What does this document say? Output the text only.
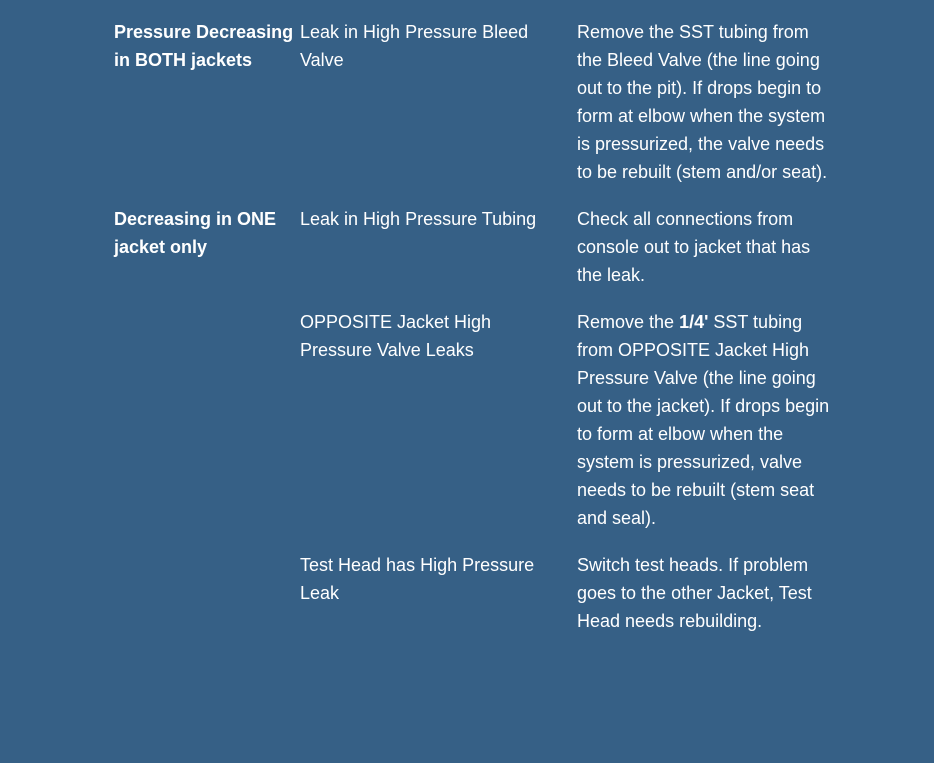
Pressure Decreasing in BOTH jackets	Leak in High Pressure Bleed Valve	Remove the SST tubing from the Bleed Valve (the line going out to the pit). If drops begin to form at elbow when the system is pressurized, the valve needs to be rebuilt (stem and/or seat).
Decreasing in ONE jacket only	Leak in High Pressure Tubing	Check all connections from console out to jacket that has the leak.
	OPPOSITE Jacket High Pressure Valve Leaks	Remove the 1/4' SST tubing from OPPOSITE Jacket High Pressure Valve (the line going out to the jacket). If drops begin to form at elbow when the system is pressurized, valve needs to be rebuilt (stem seat and seal).
	Test Head has High Pressure Leak	Switch test heads. If problem goes to the other Jacket, Test Head needs rebuilding.
